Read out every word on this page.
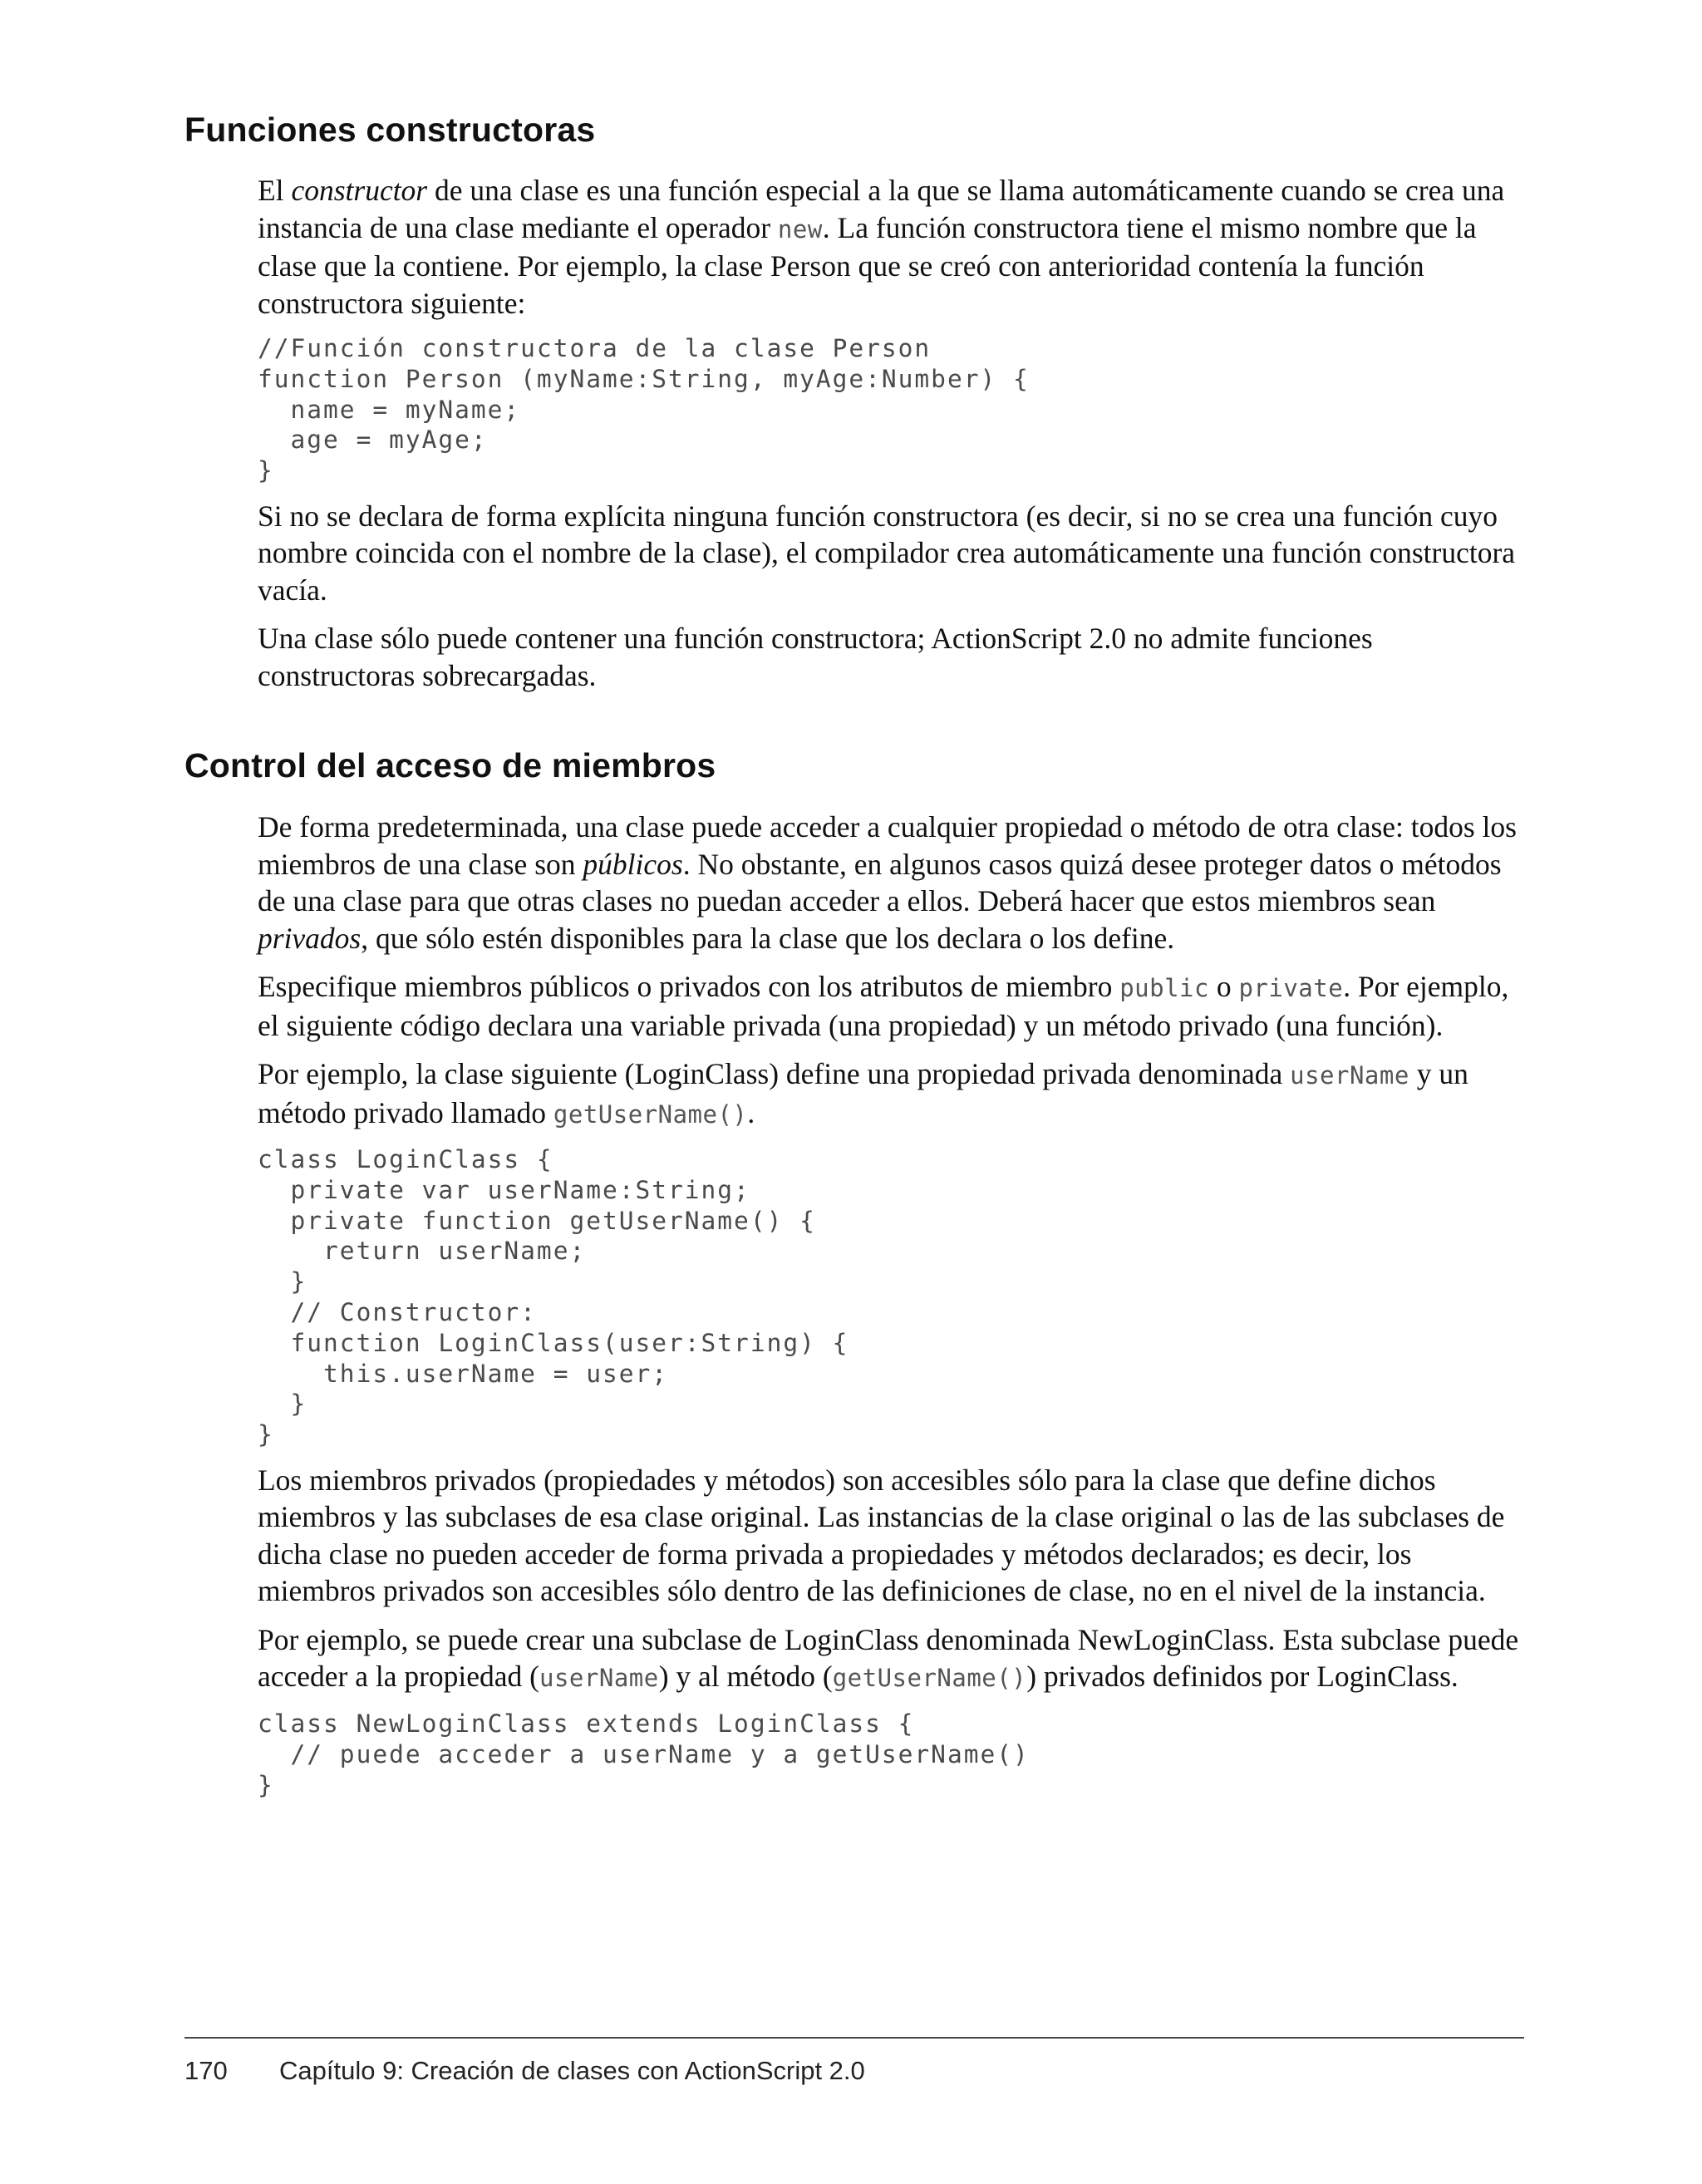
Funciones constructoras

El constructor de una clase es una función especial a la que se llama automáticamente cuando se crea una instancia de una clase mediante el operador new. La función constructora tiene el mismo nombre que la clase que la contiene. Por ejemplo, la clase Person que se creó con anterioridad contenía la función constructora siguiente:

//Función constructora de la clase Person
function Person (myName:String, myAge:Number) {
name = myName;
age = myAge;
}

Si no se declara de forma explícita ninguna función constructora (es decir, si no se crea una función cuyo nombre coincida con el nombre de la clase), el compilador crea automáticamente una función constructora vacía.

Una clase sólo puede contener una función constructora; ActionScript 2.0 no admite funciones constructoras sobrecargadas.

Control del acceso de miembros

De forma predeterminada, una clase puede acceder a cualquier propiedad o método de otra clase: todos los miembros de una clase son públicos. No obstante, en algunos casos quizá desee proteger datos o métodos de una clase para que otras clases no puedan acceder a ellos. Deberá hacer que estos miembros sean privados, que sólo estén disponibles para la clase que los declara o los define.

Especifique miembros públicos o privados con los atributos de miembro public o private. Por ejemplo, el siguiente código declara una variable privada (una propiedad) y un método privado (una función).

Por ejemplo, la clase siguiente (LoginClass) define una propiedad privada denominada userName y un método privado llamado getUserName().

class LoginClass {
private var userName:String;
private function getUserName() {
return userName;
}
// Constructor:
function LoginClass(user:String) {
this.userName = user;
}
}

Los miembros privados (propiedades y métodos) son accesibles sólo para la clase que define dichos miembros y las subclases de esa clase original. Las instancias de la clase original o las de las subclases de dicha clase no pueden acceder de forma privada a propiedades y métodos declarados; es decir, los miembros privados son accesibles sólo dentro de las definiciones de clase, no en el nivel de la instancia.

Por ejemplo, se puede crear una subclase de LoginClass denominada NewLoginClass. Esta subclase puede acceder a la propiedad (userName) y al método (getUserName()) privados definidos por LoginClass.

class NewLoginClass extends LoginClass {
// puede acceder a userName y a getUserName()
}
170 Capítulo 9: Creación de clases con ActionScript 2.0
